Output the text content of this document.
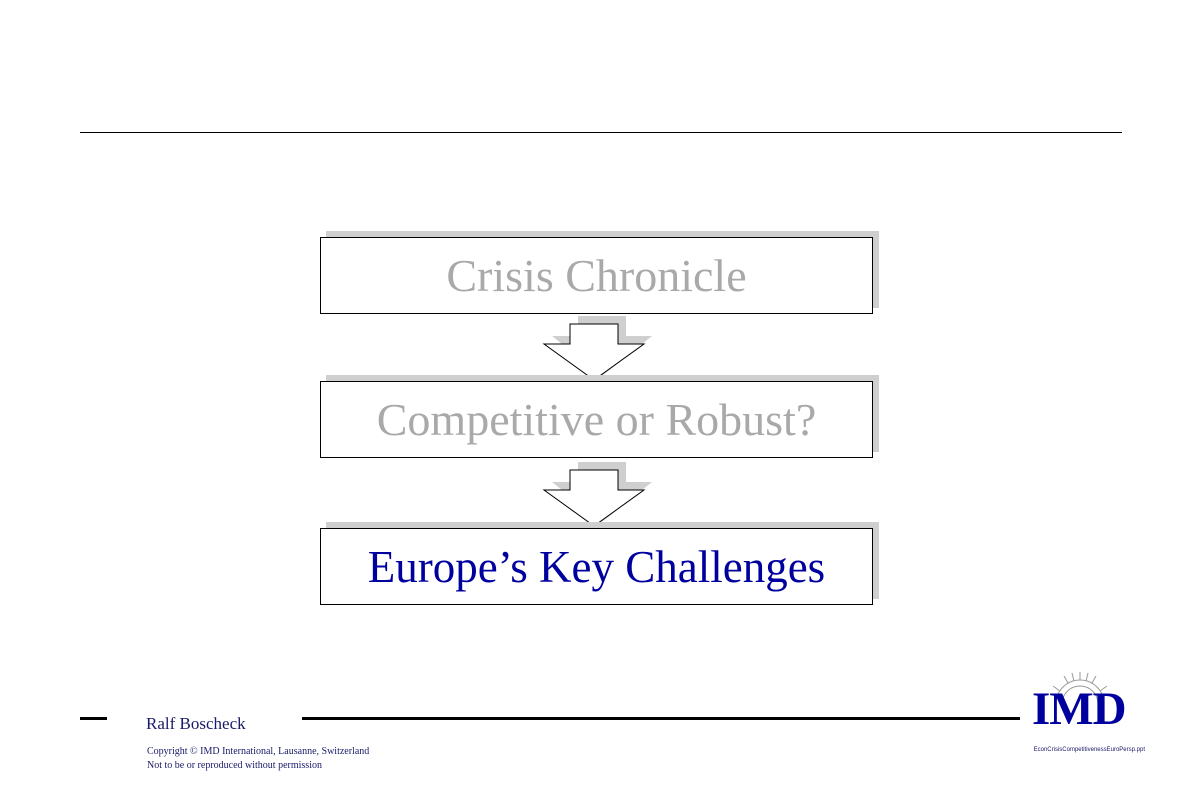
Crisis Chronicle
Competitive or Robust?
Europe’s Key Challenges
Ralf Boscheck
Copyright © IMD International, Lausanne, Switzerland
Not to be or reproduced without permission
EconCrisisCompetitivenessEuroPersp.ppt
IMD
